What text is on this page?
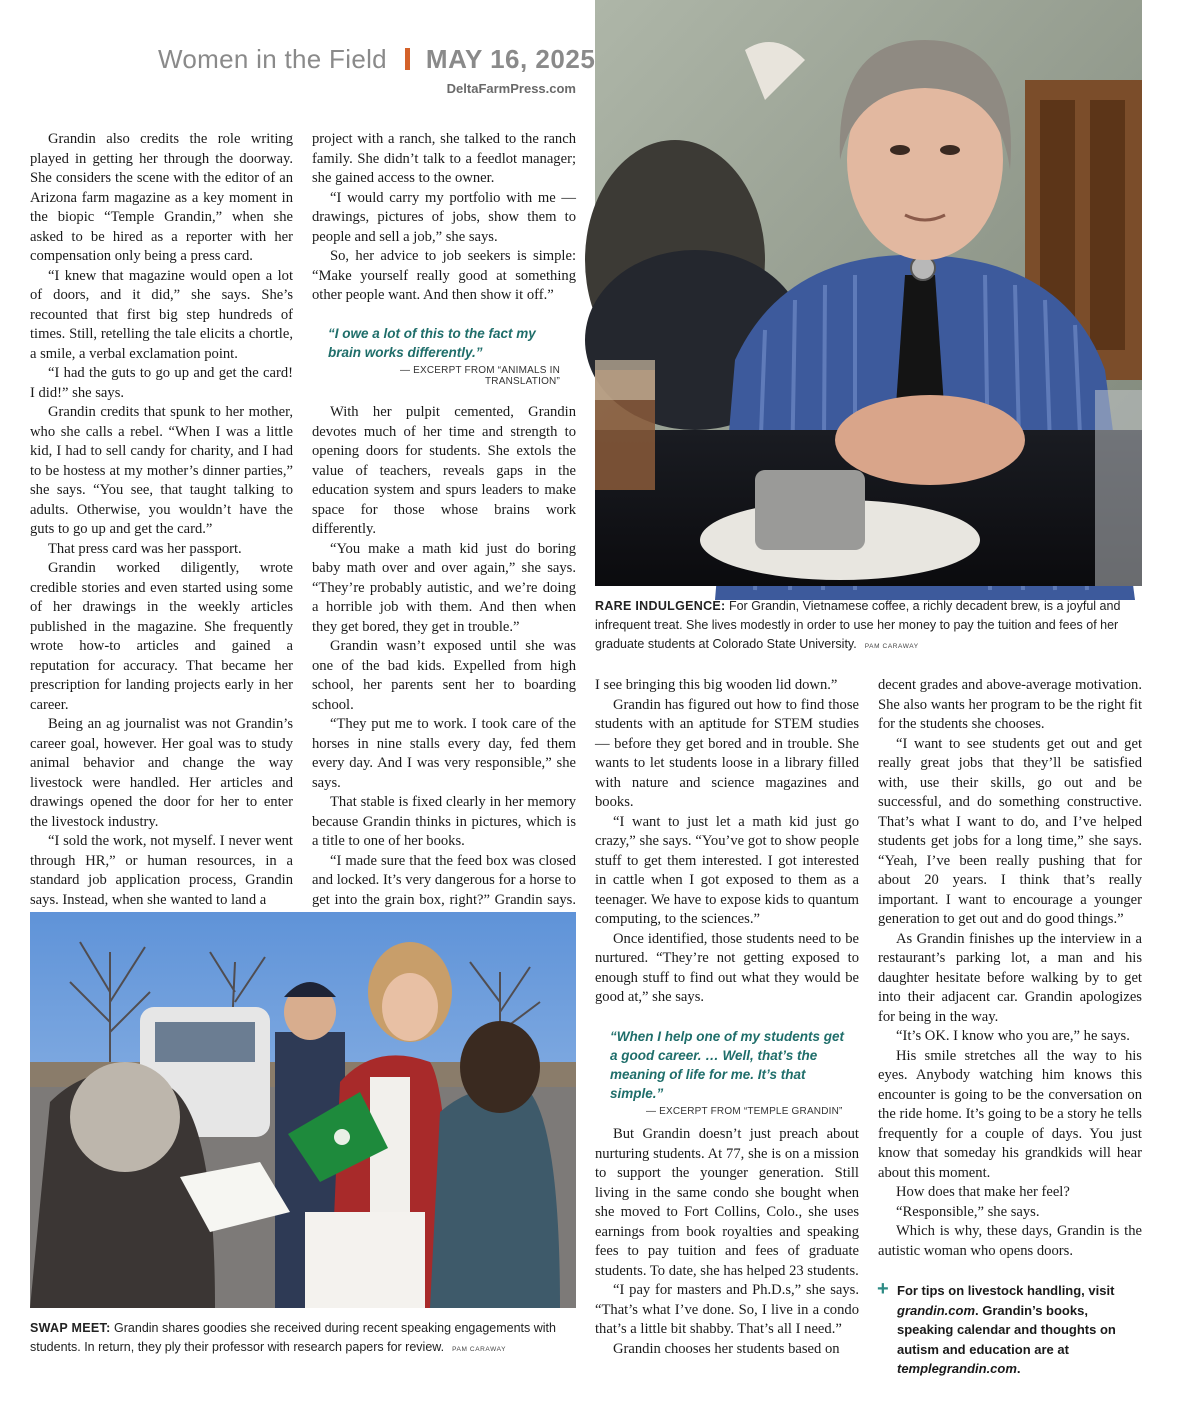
Women in the Field MAY 16, 2025
DeltaFarmPress.com

Grandin also credits the role writing played in getting her through the doorway. She considers the scene with the editor of an Arizona farm magazine as a key moment in the biopic “Temple Grandin,” when she asked to be hired as a reporter with her compensation only being a press card.

“I knew that magazine would open a lot of doors, and it did,” she says. She’s recounted that first big step hundreds of times. Still, retelling the tale elicits a chortle, a smile, a verbal exclamation point.

“I had the guts to go up and get the card! I did!” she says.

Grandin credits that spunk to her mother, who she calls a rebel. “When I was a little kid, I had to sell candy for charity, and I had to be hostess at my mother’s dinner parties,” she says. “You see, that taught talking to adults. Otherwise, you wouldn’t have the guts to go up and get the card.”

That press card was her passport.

Grandin worked diligently, wrote credible stories and even started using some of her drawings in the weekly articles published in the magazine. She frequently wrote how-to articles and gained a reputation for accuracy. That became her prescription for landing projects early in her career.

Being an ag journalist was not Grandin’s career goal, however. Her goal was to study animal behavior and change the way livestock were handled. Her articles and drawings opened the door for her to enter the livestock industry.

“I sold the work, not myself. I never went through HR,” or human resources, in a standard job application process, Grandin says. Instead, when she wanted to land a

project with a ranch, she talked to the ranch family. She didn’t talk to a feedlot manager; she gained access to the owner.

“I would carry my portfolio with me — drawings, pictures of jobs, show them to people and sell a job,” she says.

So, her advice to job seekers is simple: “Make yourself really good at something other people want. And then show it off.”

“I owe a lot of this to the fact my brain works differently.”
— EXCERPT FROM “ANIMALS IN TRANSLATION”

With her pulpit cemented, Grandin devotes much of her time and strength to opening doors for students. She extols the value of teachers, reveals gaps in the education system and spurs leaders to make space for those whose brains work differently.

“You make a math kid just do boring baby math over and over again,” she says. “They’re probably autistic, and we’re doing a horrible job with them. And then when they get bored, they get in trouble.”

Grandin wasn’t exposed until she was one of the bad kids. Expelled from high school, her parents sent her to boarding school.

“They put me to work. I took care of the horses in nine stalls every day, fed them every day. And I was very responsible,” she says.

That stable is fixed clearly in her memory because Grandin thinks in pictures, which is a title to one of her books.

“I made sure that the feed box was closed and locked. It’s very dangerous for a horse to get into the grain box, right?” Grandin says.

RARE INDULGENCE: For Grandin, Vietnamese coffee, a richly decadent brew, is a joyful and infrequent treat. She lives modestly in order to use her money to pay the tuition and fees of her graduate students at Colorado State University. PAM CARAWAY

I see bringing this big wooden lid down.”

Grandin has figured out how to find those students with an aptitude for STEM studies — before they get bored and in trouble. She wants to let students loose in a library filled with nature and science magazines and books.

“I want to just let a math kid just go crazy,” she says. “You’ve got to show people stuff to get them interested. I got interested in cattle when I got exposed to them as a teenager. We have to expose kids to quantum computing, to the sciences.”

Once identified, those students need to be nurtured. “They’re not getting exposed to enough stuff to find out what they would be good at,” she says.

“When I help one of my students get a good career. … Well, that’s the meaning of life for me. It’s that simple.”
— EXCERPT FROM “TEMPLE GRANDIN”

But Grandin doesn’t just preach about nurturing students. At 77, she is on a mission to support the younger generation. Still living in the same condo she bought when she moved to Fort Collins, Colo., she uses earnings from book royalties and speaking fees to pay tuition and fees of graduate students. To date, she has helped 23 students.

“I pay for masters and Ph.D.s,” she says. “That’s what I’ve done. So, I live in a condo that’s a little bit shabby. That’s all I need.”

Grandin chooses her students based on

decent grades and above-average motivation. She also wants her program to be the right fit for the students she chooses.

“I want to see students get out and get really great jobs that they’ll be satisfied with, use their skills, go out and be successful, and do something constructive. That’s what I want to do, and I’ve helped students get jobs for a long time,” she says. “Yeah, I’ve been really pushing that for about 20 years. I think that’s really important. I want to encourage a younger generation to get out and do good things.”

As Grandin finishes up the interview in a restaurant’s parking lot, a man and his daughter hesitate before walking by to get into their adjacent car. Grandin apologizes for being in the way.

“It’s OK. I know who you are,” he says.

His smile stretches all the way to his eyes. Anybody watching him knows this encounter is going to be the conversation on the ride home. It’s going to be a story he tells frequently for a couple of days. You just know that someday his grandkids will hear about this moment.

How does that make her feel?

“Responsible,” she says.

Which is why, these days, Grandin is the autistic woman who opens doors.

+ For tips on livestock handling, visit grandin.com. Grandin’s books, speaking calendar and thoughts on autism and education are at templegrandin.com.
SWAP MEET: Grandin shares goodies she received during recent speaking engagements with students. In return, they ply their professor with research papers for review. PAM CARAWAY
